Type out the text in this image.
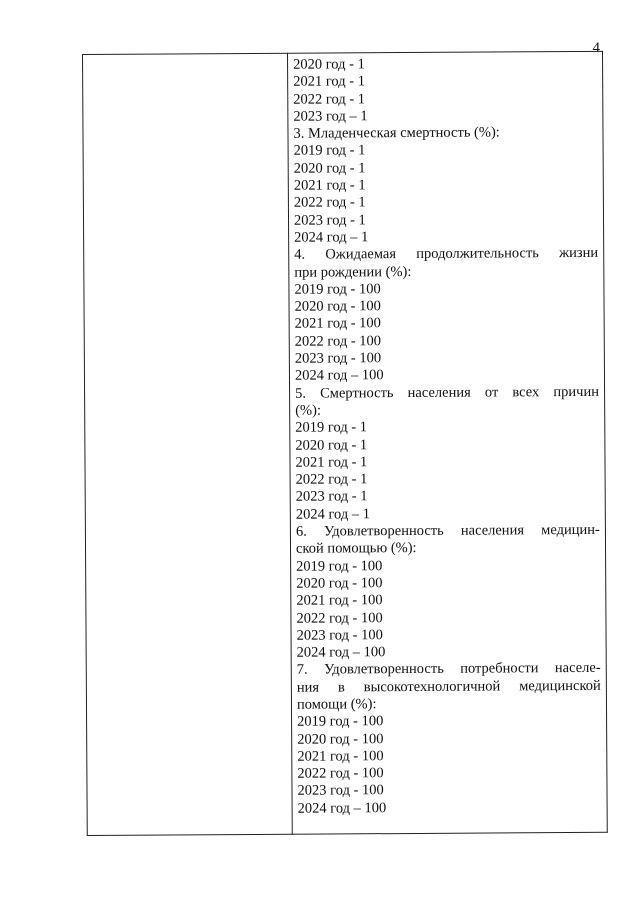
4
2020 год - 1
2021 год - 1
2022 год - 1
2023 год – 1
3. Младенческая смертность (%):
2019 год - 1
2020 год - 1
2021 год - 1
2022 год - 1
2023 год - 1
2024 год – 1
4. Ожидаемая продолжительность жизни
при рождении (%):
2019 год - 100
2020 год - 100
2021 год - 100
2022 год - 100
2023 год - 100
2024 год – 100
5. Смертность населения от всех причин
(%):
2019 год - 1
2020 год - 1
2021 год - 1
2022 год - 1
2023 год - 1
2024 год – 1
6. Удовлетворенность населения медицин-
ской помощью (%):
2019 год - 100
2020 год - 100
2021 год - 100
2022 год - 100
2023 год - 100
2024 год – 100
7. Удовлетворенность потребности населе-
ния в высокотехнологичной медицинской
помощи (%):
2019 год - 100
2020 год - 100
2021 год - 100
2022 год - 100
2023 год - 100
2024 год – 100
